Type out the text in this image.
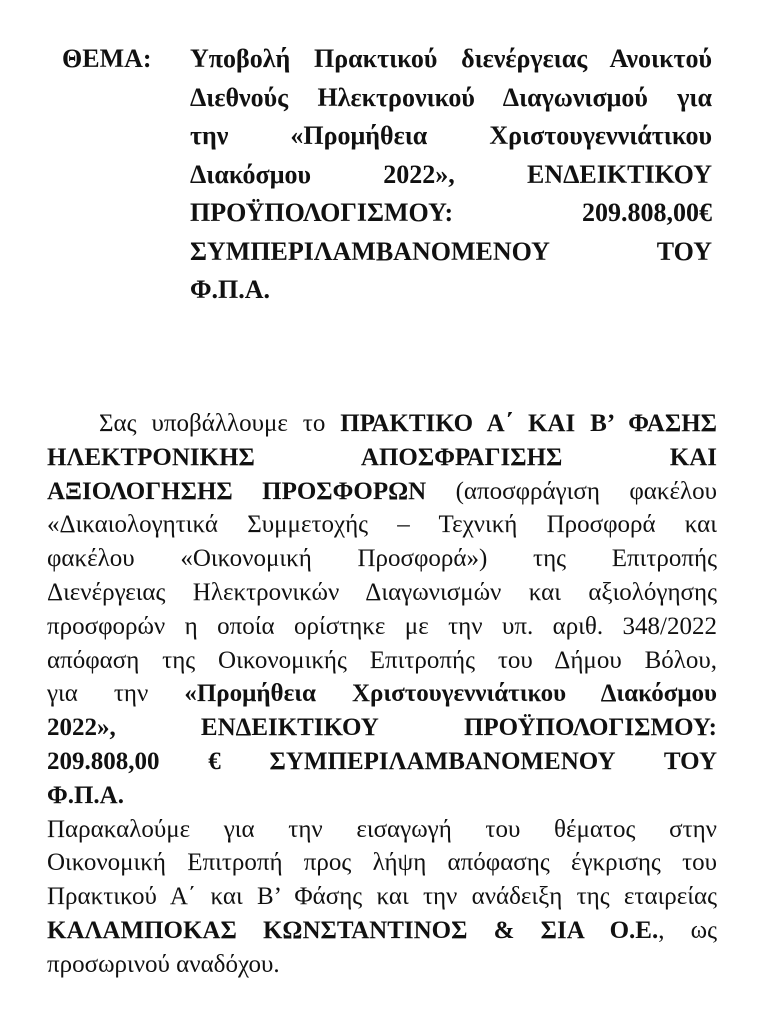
ΘΕΜΑ:	Υποβολή Πρακτικού διενέργειας Ανοικτού
Διεθνούς Ηλεκτρονικού Διαγωνισμού για
την «Προμήθεια Χριστουγεννιάτικου
Διακόσμου 2022», ΕΝΔΕΙΚΤΙΚΟΥ
ΠΡΟΫΠΟΛΟΓΙΣΜΟΥ: 209.808,00€
ΣΥΜΠΕΡΙΛΑΜΒΑΝΟΜΕΝΟΥ ΤΟΥ
Φ.Π.Α.
Σας υποβάλλουμε το ΠΡΑΚΤΙΚΟ Α΄ ΚΑΙ Β’ ΦΑΣΗΣ
ΗΛΕΚΤΡΟΝΙΚΗΣ ΑΠΟΣΦΡΑΓΙΣΗΣ ΚΑΙ
ΑΞΙΟΛΟΓΗΣΗΣ ΠΡΟΣΦΟΡΩΝ (αποσφράγιση φακέλου
«Δικαιολογητικά Συμμετοχής – Τεχνική Προσφορά και
φακέλου «Οικονομική Προσφορά») της Επιτροπής
Διενέργειας Ηλεκτρονικών Διαγωνισμών και αξιολόγησης
προσφορών η οποία ορίστηκε με την υπ. αριθ. 348/2022
απόφαση της Οικονομικής Επιτροπής του Δήμου Βόλου,
για την «Προμήθεια Χριστουγεννιάτικου Διακόσμου
2022», ΕΝΔΕΙΚΤΙΚΟΥ ΠΡΟΫΠΟΛΟΓΙΣΜΟΥ:
209.808,00 € ΣΥΜΠΕΡΙΛΑΜΒΑΝΟΜΕΝΟΥ ΤΟΥ
Φ.Π.Α.
Παρακαλούμε για την εισαγωγή του θέματος στην
Οικονομική Επιτροπή προς λήψη απόφασης έγκρισης του
Πρακτικού Α΄ και Β’ Φάσης και την ανάδειξη της εταιρείας
ΚΑΛΑΜΠΟΚΑΣ ΚΩΝΣΤΑΝΤΙΝΟΣ & ΣΙΑ Ο.Ε., ως
προσωρινού αναδόχου.
